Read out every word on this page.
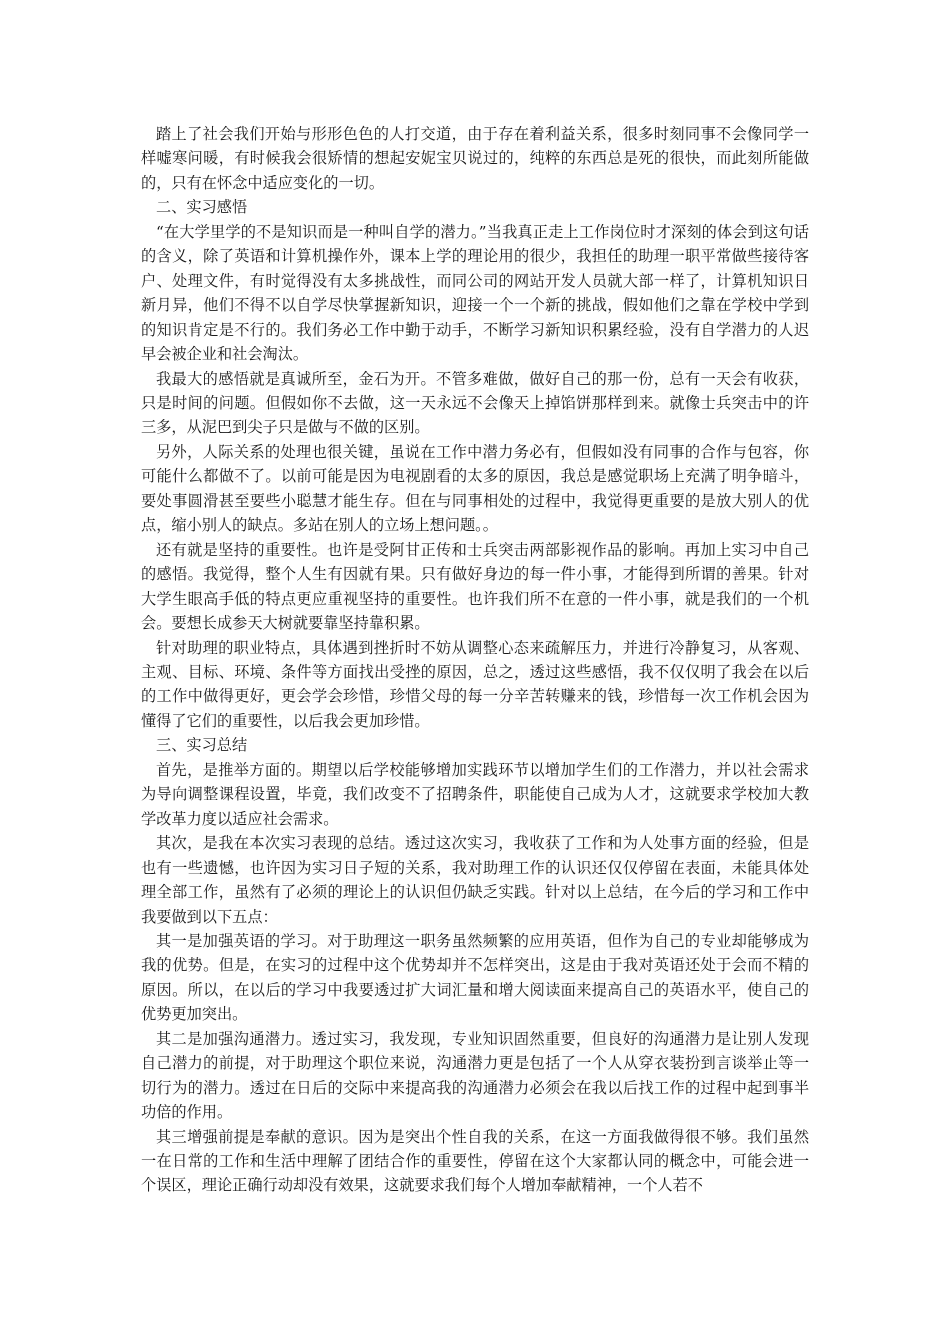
踏上了社会我们开始与形形色色的人打交道，由于存在着利益关系，很多时刻同事不会像同学一样嘘寒问暖，有时候我会很矫情的想起安妮宝贝说过的，纯粹的东西总是死的很快，而此刻所能做的，只有在怀念中适应变化的一切。

二、实习感悟

“在大学里学的不是知识而是一种叫自学的潜力。”当我真正走上工作岗位时才深刻的体会到这句话的含义，除了英语和计算机操作外，课本上学的理论用的很少，我担任的助理一职平常做些接待客户、处理文件，有时觉得没有太多挑战性，而同公司的网站开发人员就大部一样了，计算机知识日新月异，他们不得不以自学尽快掌握新知识，迎接一个一个新的挑战，假如他们之靠在学校中学到的知识肯定是不行的。我们务必工作中勤于动手，不断学习新知识积累经验，没有自学潜力的人迟早会被企业和社会淘汰。

我最大的感悟就是真诚所至，金石为开。不管多难做，做好自己的那一份，总有一天会有收获，只是时间的问题。但假如你不去做，这一天永远不会像天上掉馅饼那样到来。就像士兵突击中的许三多，从泥巴到尖子只是做与不做的区别。

另外，人际关系的处理也很关键，虽说在工作中潜力务必有，但假如没有同事的合作与包容，你可能什么都做不了。以前可能是因为电视剧看的太多的原因，我总是感觉职场上充满了明争暗斗，要处事圆滑甚至要些小聪慧才能生存。但在与同事相处的过程中，我觉得更重要的是放大别人的优点，缩小别人的缺点。多站在别人的立场上想问题。。

还有就是坚持的重要性。也许是受阿甘正传和士兵突击两部影视作品的影响。再加上实习中自己的感悟。我觉得，整个人生有因就有果。只有做好身边的每一件小事，才能得到所谓的善果。针对大学生眼高手低的特点更应重视坚持的重要性。也许我们所不在意的一件小事，就是我们的一个机会。要想长成参天大树就要靠坚持靠积累。

针对助理的职业特点，具体遇到挫折时不妨从调整心态来疏解压力，并进行冷静复习，从客观、主观、目标、环境、条件等方面找出受挫的原因，总之，透过这些感悟，我不仅仅明了我会在以后的工作中做得更好，更会学会珍惜，珍惜父母的每一分辛苦转赚来的钱，珍惜每一次工作机会因为懂得了它们的重要性，以后我会更加珍惜。

三、实习总结

首先，是推举方面的。期望以后学校能够增加实践环节以增加学生们的工作潜力，并以社会需求为导向调整课程设置，毕竟，我们改变不了招聘条件，职能使自己成为人才，这就要求学校加大教学改革力度以适应社会需求。

其次，是我在本次实习表现的总结。透过这次实习，我收获了工作和为人处事方面的经验，但是也有一些遗憾，也许因为实习日子短的关系，我对助理工作的认识还仅仅停留在表面，未能具体处理全部工作，虽然有了必须的理论上的认识但仍缺乏实践。针对以上总结，在今后的学习和工作中我要做到以下五点：

其一是加强英语的学习。对于助理这一职务虽然频繁的应用英语，但作为自己的专业却能够成为我的优势。但是，在实习的过程中这个优势却并不怎样突出，这是由于我对英语还处于会而不精的原因。所以，在以后的学习中我要透过扩大词汇量和增大阅读面来提高自己的英语水平，使自己的优势更加突出。

其二是加强沟通潜力。透过实习，我发现，专业知识固然重要，但良好的沟通潜力是让别人发现自己潜力的前提，对于助理这个职位来说，沟通潜力更是包括了一个人从穿衣装扮到言谈举止等一切行为的潜力。透过在日后的交际中来提高我的沟通潜力必须会在我以后找工作的过程中起到事半功倍的作用。

其三增强前提是奉献的意识。因为是突出个性自我的关系，在这一方面我做得很不够。我们虽然一在日常的工作和生活中理解了团结合作的重要性，停留在这个大家都认同的概念中，可能会进一个误区，理论正确行动却没有效果，这就要求我们每个人增加奉献精神，一个人若不
